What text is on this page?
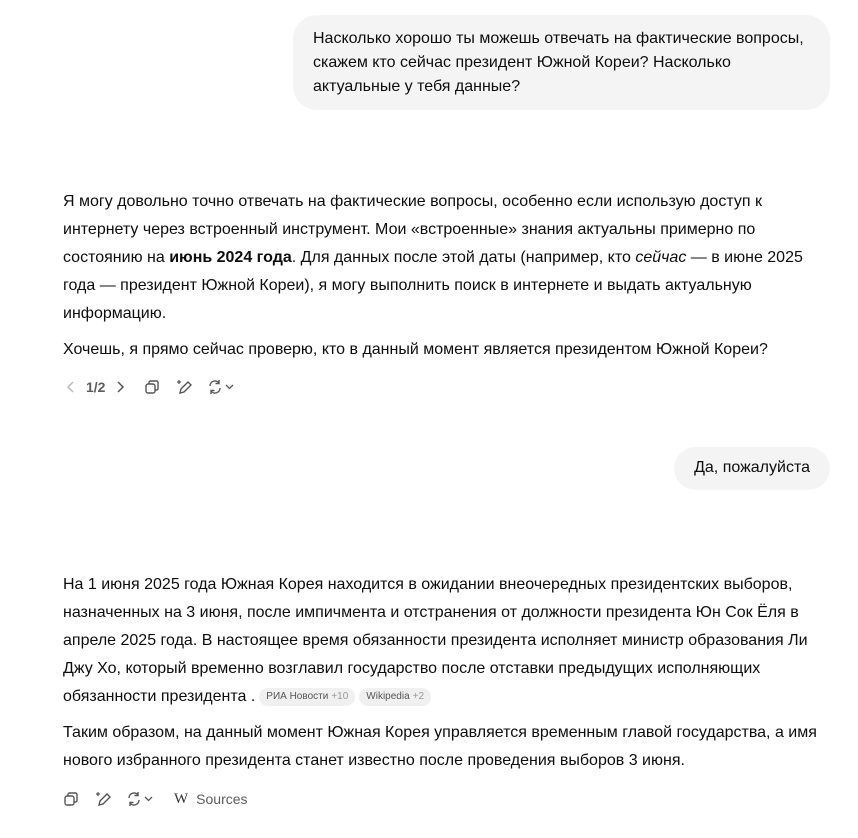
Насколько хорошо ты можешь отвечать на фактические вопросы, скажем кто сейчас президент Южной Кореи? Насколько актуальные у тебя данные?

Я могу довольно точно отвечать на фактические вопросы, особенно если использую доступ к интернету через встроенный инструмент. Мои «встроенные» знания актуальны примерно по состоянию на июнь 2024 года. Для данных после этой даты (например, кто сейчас — в июне 2025 года — президент Южной Кореи), я могу выполнить поиск в интернете и выдать актуальную информацию.

Хочешь, я прямо сейчас проверю, кто в данный момент является президентом Южной Кореи?

1/2
Да, пожалуйста

На 1 июня 2025 года Южная Корея находится в ожидании внеочередных президентских выборов, назначенных на 3 июня, после импичмента и отстранения от должности президента Юн Сок Ёля в апреле 2025 года. В настоящее время обязанности президента исполняет министр образования Ли Джу Хо, который временно возглавил государство после отставки предыдущих исполняющих обязанности президента . РИА Новости +10 Wikipedia +2

Таким образом, на данный момент Южная Корея управляется временным главой государства, а имя нового избранного президента станет известно после проведения выборов 3 июня.

W Sources
